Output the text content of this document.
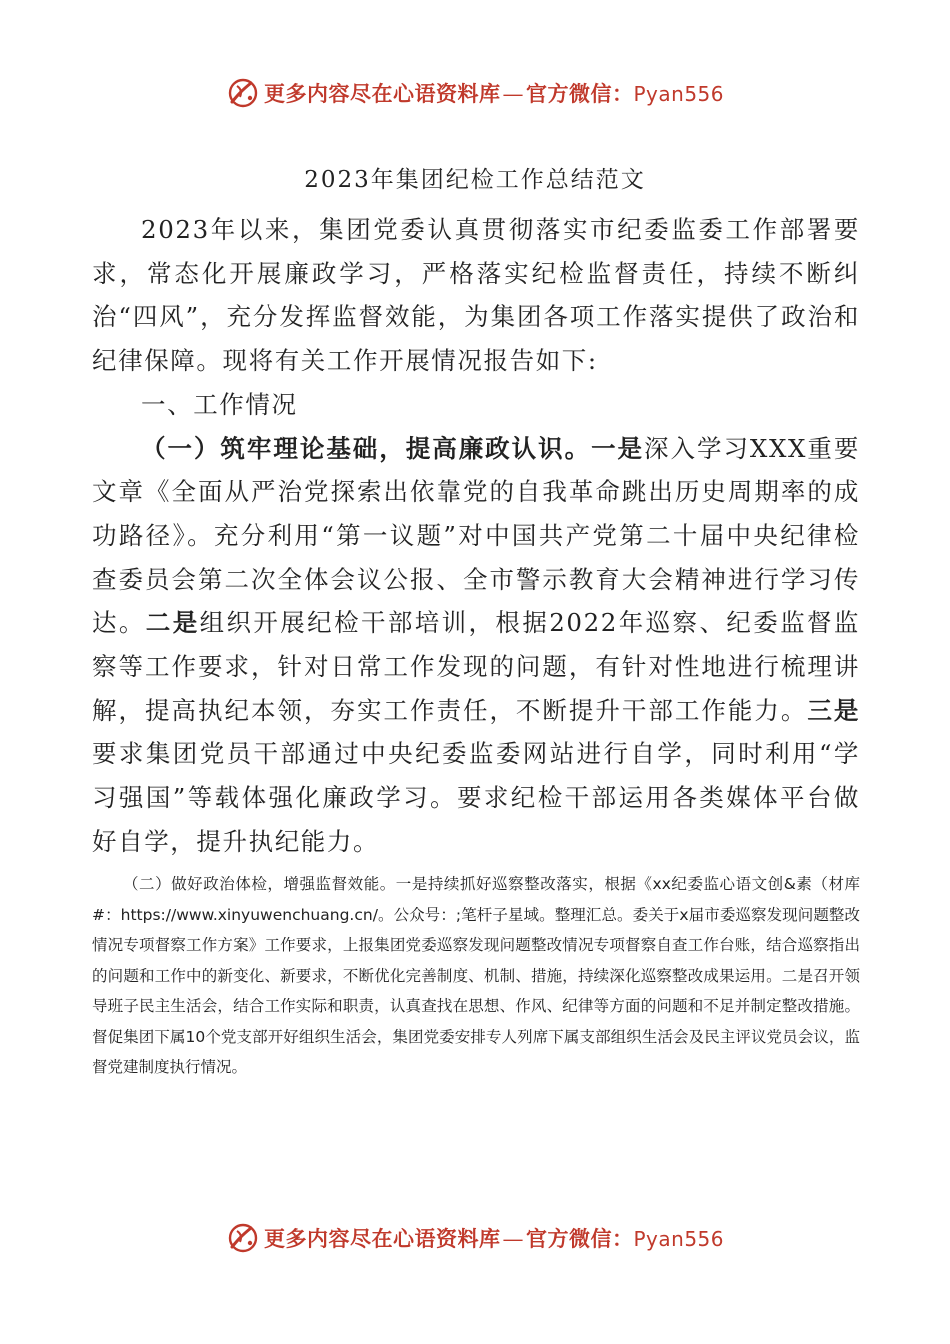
更多内容尽在心语资料库—官方微信：Pyan556
2023年集团纪检工作总结范文

2023年以来，集团党委认真贯彻落实市纪委监委工作部署要求，常态化开展廉政学习，严格落实纪检监督责任，持续不断纠治“四风”，充分发挥监督效能，为集团各项工作落实提供了政治和纪律保障。现将有关工作开展情况报告如下:

一、工作情况

（一）筑牢理论基础，提高廉政认识。一是深入学习XXX重要文章《全面从严治党探索出依靠党的自我革命跳出历史周期率的成功路径》。充分利用“第一议题”对中国共产党第二十届中央纪律检查委员会第二次全体会议公报、全市警示教育大会精神进行学习传达。二是组织开展纪检干部培训，根据2022年巡察、纪委监督监察等工作要求，针对日常工作发现的问题，有针对性地进行梳理讲解，提高执纪本领，夯实工作责任，不断提升干部工作能力。三是要求集团党员干部通过中央纪委监委网站进行自学，同时利用“学习强国”等载体强化廉政学习。要求纪检干部运用各类媒体平台做好自学，提升执纪能力。

（二）做好政治体检，增强监督效能。一是持续抓好巡察整改落实，根据《xx纪委监心语文创&素（材库#：https://www.xinyuwenchuang.cn/。公众号：;笔杆子星域。整理汇总。委关于x届市委巡察发现问题整改情况专项督察工作方案》工作要求，上报集团党委巡察发现问题整改情况专项督察自查工作台账，结合巡察指出的问题和工作中的新变化、新要求，不断优化完善制度、机制、措施，持续深化巡察整改成果运用。二是召开领导班子民主生活会，结合工作实际和职责，认真查找在思想、作风、纪律等方面的问题和不足并制定整改措施。督促集团下属10个党支部开好组织生活会，集团党委安排专人列席下属支部组织生活会及民主评议党员会议，监督党建制度执行情况。

更多内容尽在心语资料库—官方微信：Pyan556
